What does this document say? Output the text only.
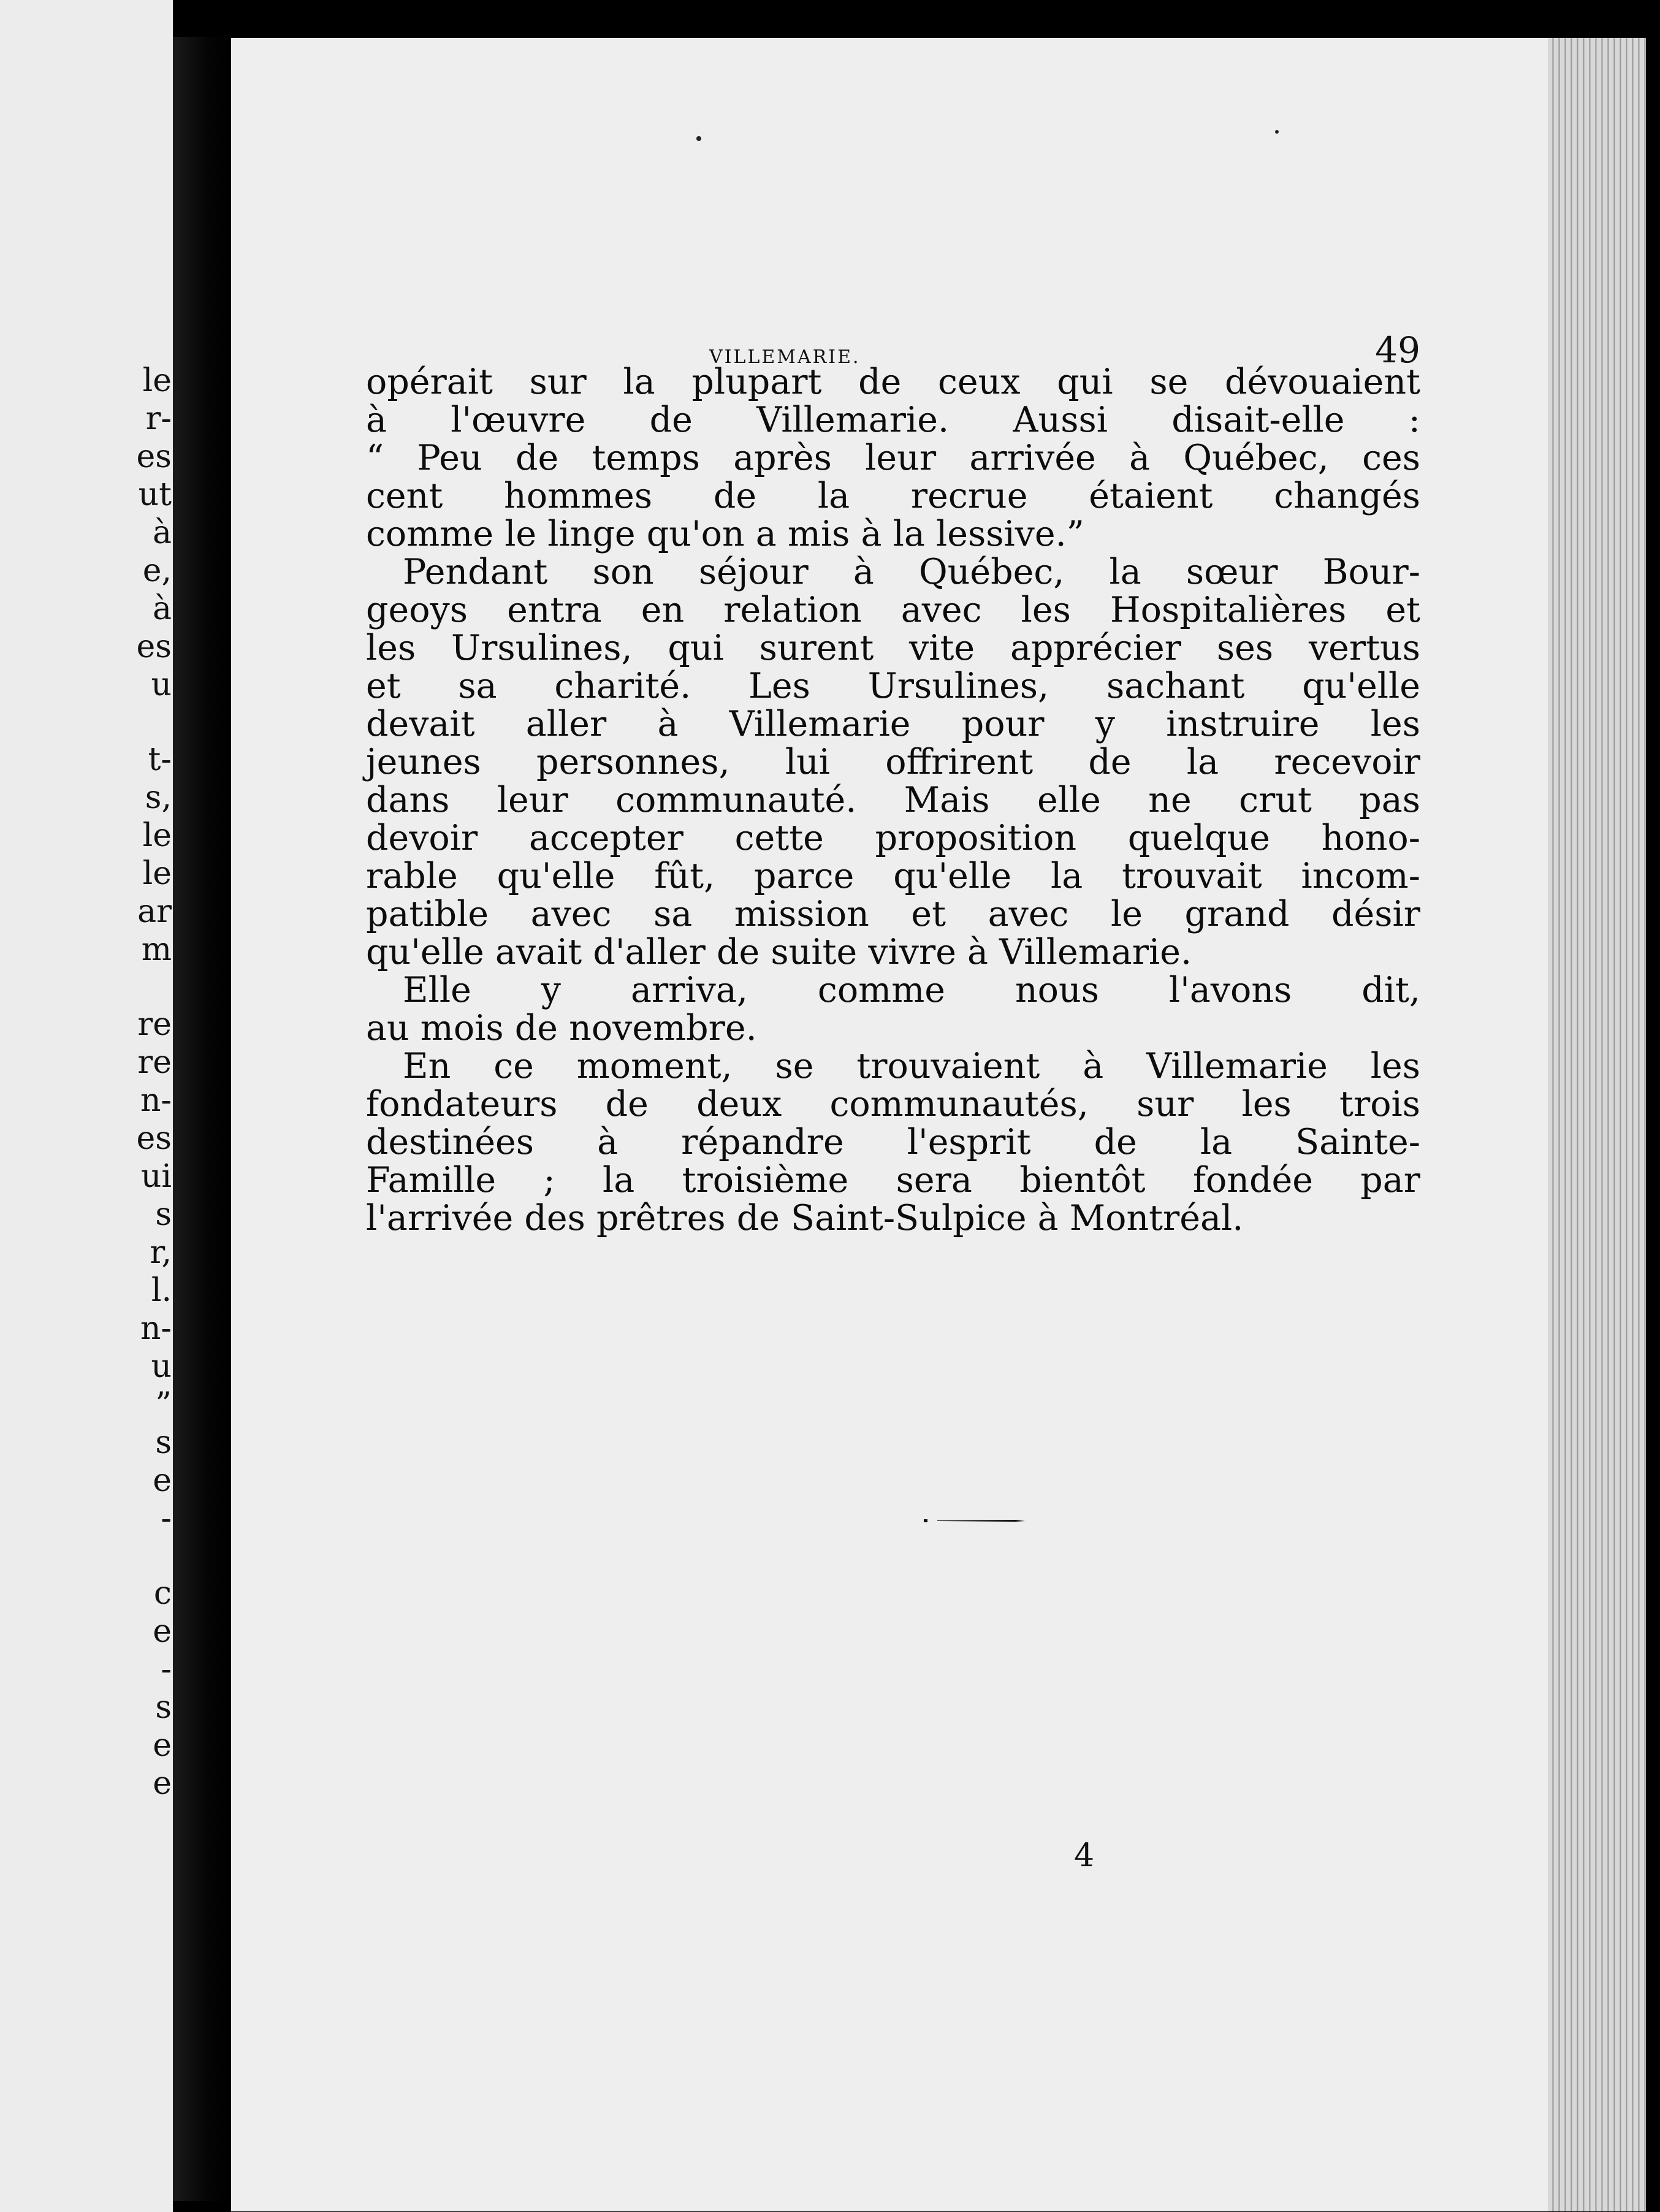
le
r-
es
ut
à
e,
à
es
u
t-
s,
le
le
ar
m
re
re
n-
es
ui
s
r,
l.
n-
u
”
s
e
-
c
e
-
s
e
e
VILLEMARIE.	49
opérait sur la plupart de ceux qui se dévouaient
à l'œuvre de Villemarie. Aussi disait-elle :
“ Peu de temps après leur arrivée à Québec, ces
cent hommes de la recrue étaient changés
comme le linge qu'on a mis à la lessive.”
Pendant son séjour à Québec, la sœur Bour-
geoys entra en relation avec les Hospitalières et
les Ursulines, qui surent vite apprécier ses vertus
et sa charité. Les Ursulines, sachant qu'elle
devait aller à Villemarie pour y instruire les
jeunes personnes, lui offrirent de la recevoir
dans leur communauté. Mais elle ne crut pas
devoir accepter cette proposition quelque hono-
rable qu'elle fût, parce qu'elle la trouvait incom-
patible avec sa mission et avec le grand désir
qu'elle avait d'aller de suite vivre à Villemarie.
Elle y arriva, comme nous l'avons dit,
au mois de novembre.
En ce moment, se trouvaient à Villemarie les
fondateurs de deux communautés, sur les trois
destinées à répandre l'esprit de la Sainte-
Famille ; la troisième sera bientôt fondée par
l'arrivée des prêtres de Saint-Sulpice à Montréal.
4
